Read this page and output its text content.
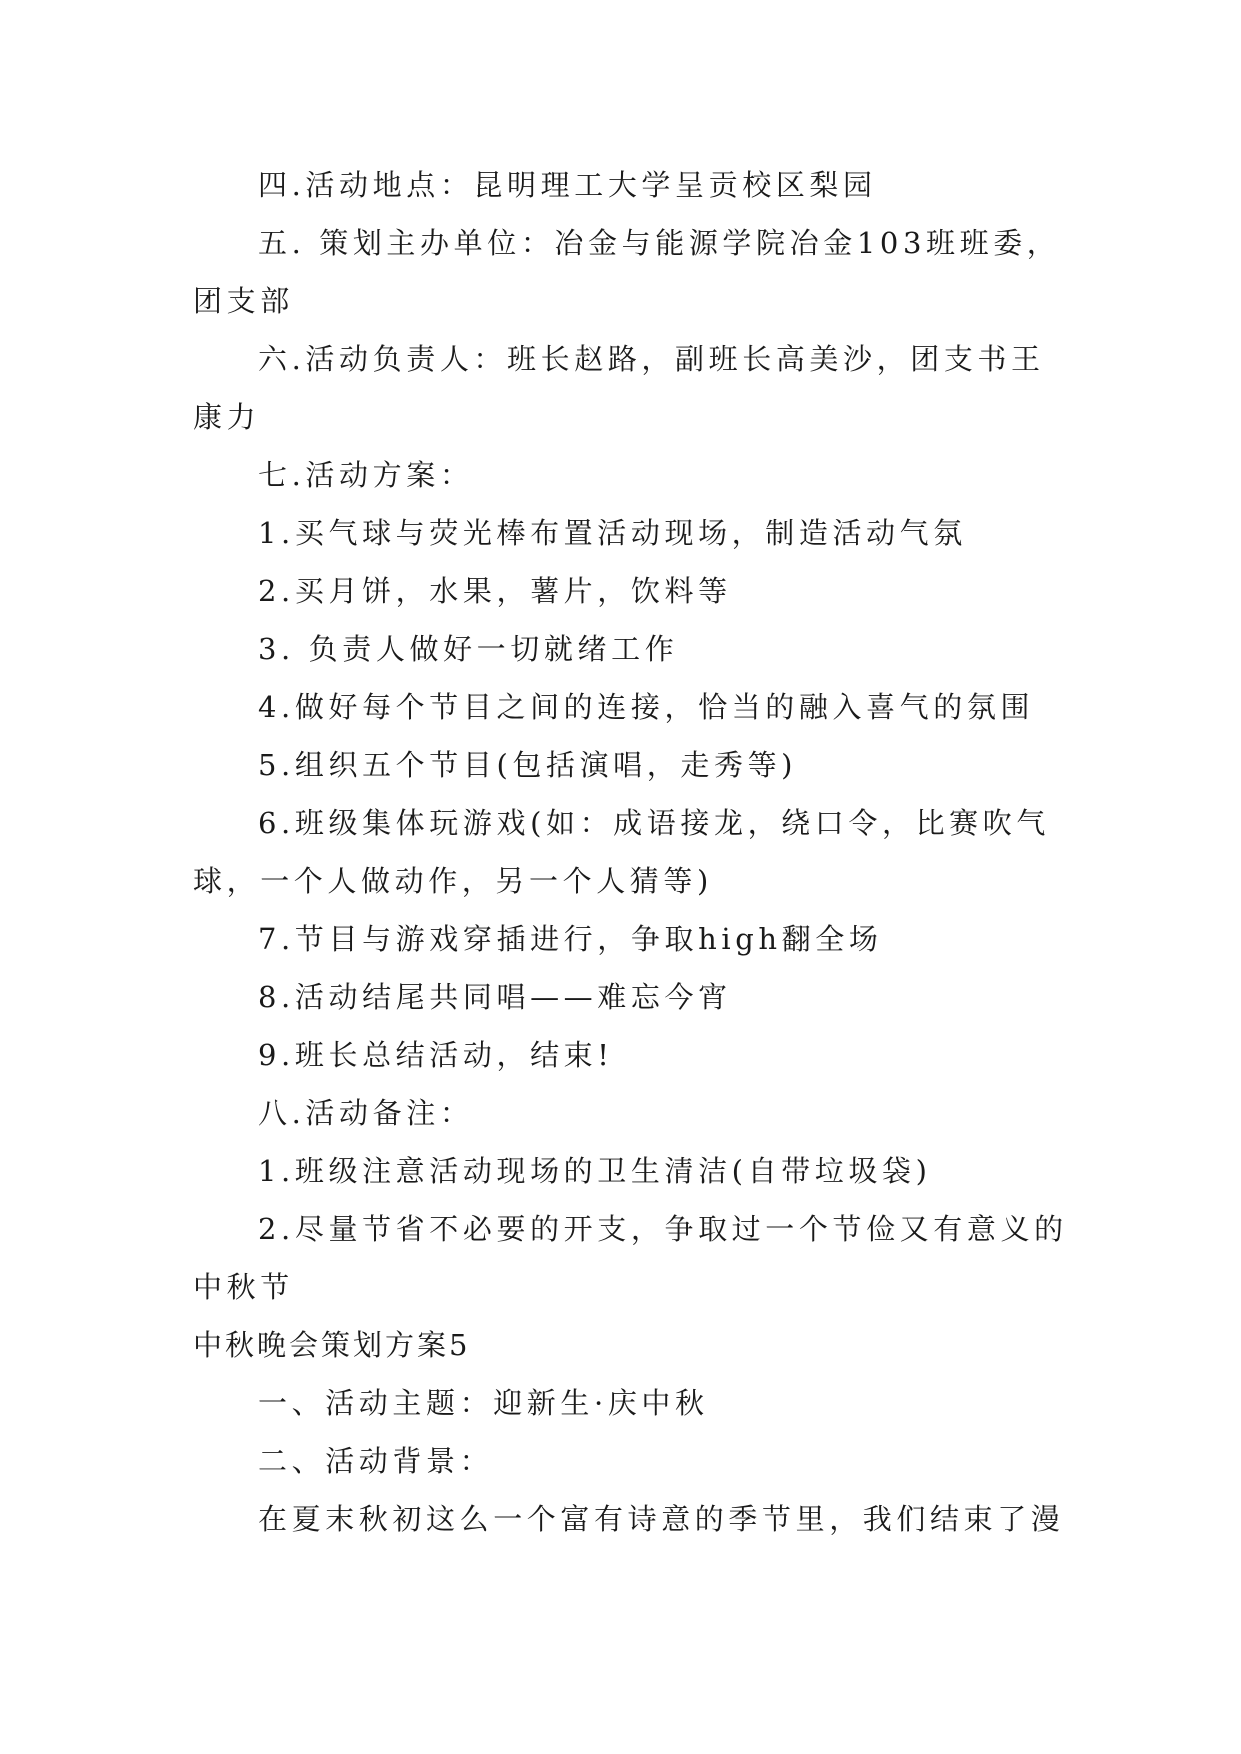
四.活动地点：昆明理工大学呈贡校区梨园
五. 策划主办单位：冶金与能源学院冶金103班班委，
团支部
六.活动负责人：班长赵路，副班长高美沙，团支书王
康力
七.活动方案：
1.买气球与荧光棒布置活动现场，制造活动气氛
2.买月饼，水果，薯片，饮料等
3. 负责人做好一切就绪工作
4.做好每个节目之间的连接，恰当的融入喜气的氛围
5.组织五个节目(包括演唱，走秀等)
6.班级集体玩游戏(如：成语接龙，绕口令，比赛吹气
球，一个人做动作，另一个人猜等)
7.节目与游戏穿插进行，争取high翻全场
8.活动结尾共同唱——难忘今宵
9.班长总结活动，结束!
八.活动备注：
1.班级注意活动现场的卫生清洁(自带垃圾袋)
2.尽量节省不必要的开支，争取过一个节俭又有意义的
中秋节
中秋晚会策划方案5
一、活动主题：迎新生·庆中秋
二、活动背景：
在夏末秋初这么一个富有诗意的季节里，我们结束了漫
